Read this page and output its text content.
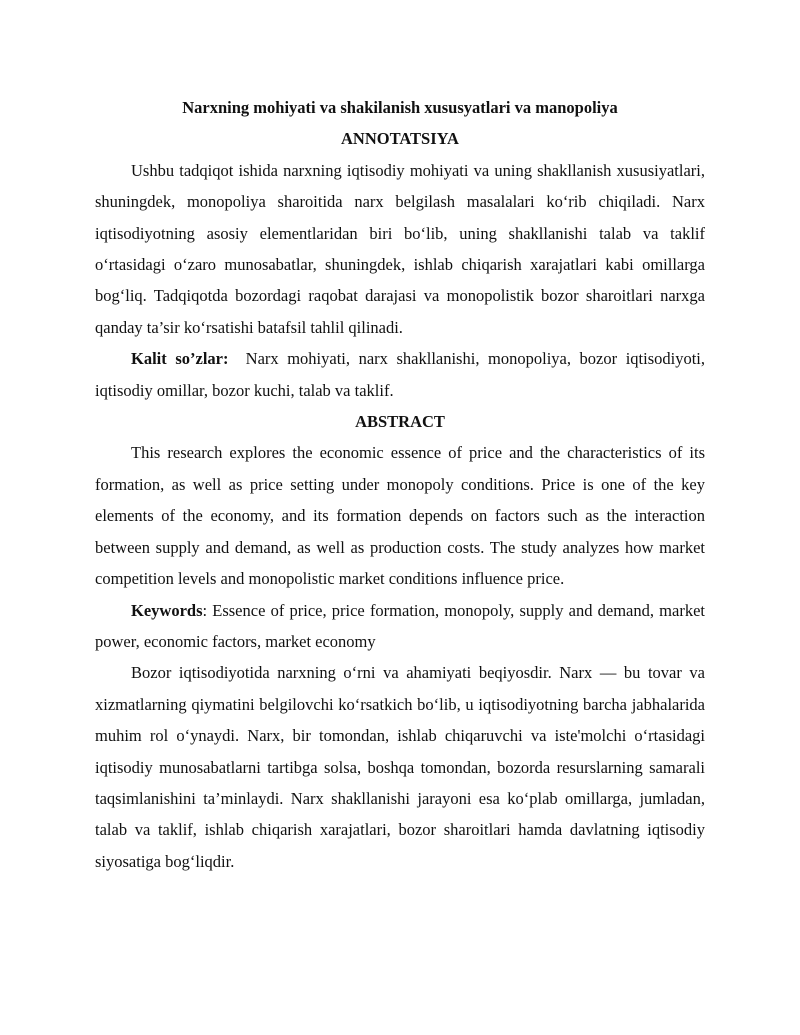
Narxning mohiyati va shakilanish xususyatlari va manopoliya

ANNOTATSIYA

Ushbu tadqiqot ishida narxning iqtisodiy mohiyati va uning shakllanish xususiyatlari, shuningdek, monopoliya sharoitida narx belgilash masalalari ko‘rib chiqiladi. Narx iqtisodiyotning asosiy elementlaridan biri bo‘lib, uning shakllanishi talab va taklif o‘rtasidagi o‘zaro munosabatlar, shuningdek, ishlab chiqarish xarajatlari kabi omillarga bog‘liq. Tadqiqotda bozordagi raqobat darajasi va monopolistik bozor sharoitlari narxga qanday ta’sir ko‘rsatishi batafsil tahlil qilinadi.

Kalit so’zlar:  Narx mohiyati, narx shakllanishi, monopoliya, bozor iqtisodiyoti, iqtisodiy omillar, bozor kuchi, talab va taklif.

ABSTRACT

This research explores the economic essence of price and the characteristics of its formation, as well as price setting under monopoly conditions. Price is one of the key elements of the economy, and its formation depends on factors such as the interaction between supply and demand, as well as production costs. The study analyzes how market competition levels and monopolistic market conditions influence price.

Keywords: Essence of price, price formation, monopoly, supply and demand, market power, economic factors, market economy

Bozor iqtisodiyotida narxning o‘rni va ahamiyati beqiyosdir. Narx — bu tovar va xizmatlarning qiymatini belgilovchi ko‘rsatkich bo‘lib, u iqtisodiyotning barcha jabhalarida muhim rol o‘ynaydi. Narx, bir tomondan, ishlab chiqaruvchi va iste'molchi o‘rtasidagi iqtisodiy munosabatlarni tartibga solsa, boshqa tomondan, bozorda resurslarning samarali taqsimlanishini ta’minlaydi. Narx shakllanishi jarayoni esa ko‘plab omillarga, jumladan, talab va taklif, ishlab chiqarish xarajatlari, bozor sharoitlari hamda davlatning iqtisodiy siyosatiga bog‘liqdir.
